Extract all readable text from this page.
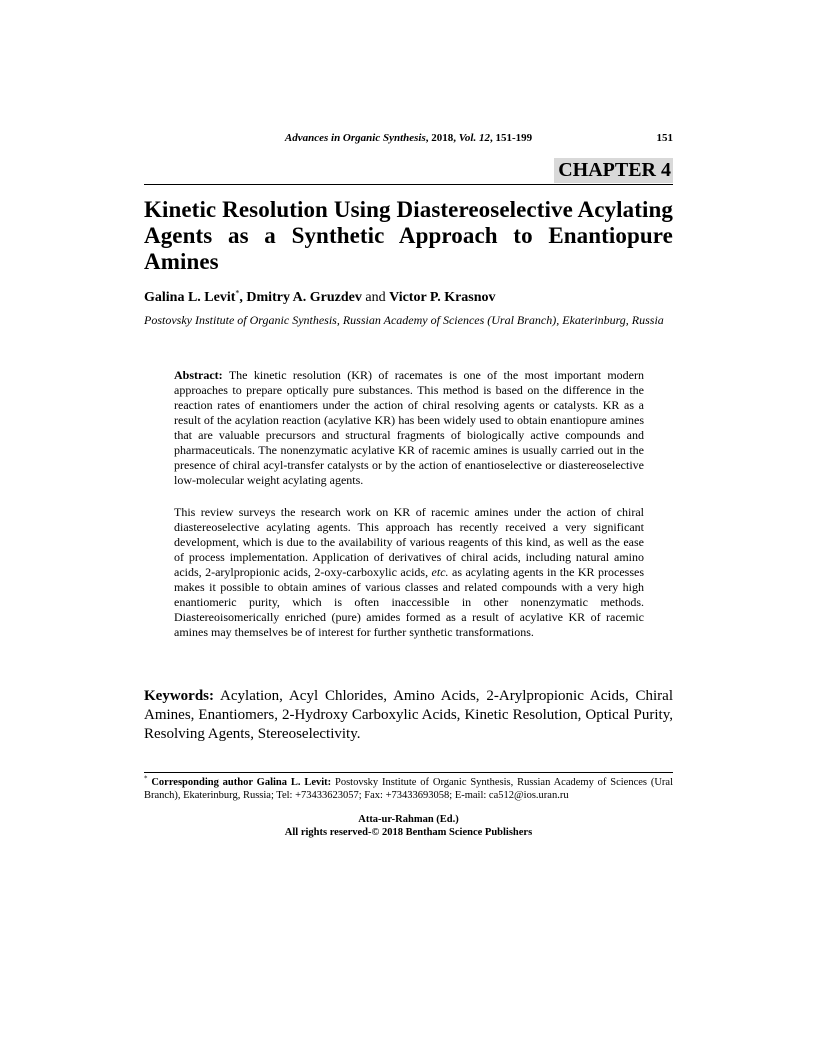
Advances in Organic Synthesis, 2018, Vol. 12, 151-199	151
CHAPTER 4
Kinetic Resolution Using Diastereoselective Acylating Agents as a Synthetic Approach to Enantiopure Amines
Galina L. Levit*, Dmitry A. Gruzdev and Victor P. Krasnov
Postovsky Institute of Organic Synthesis, Russian Academy of Sciences (Ural Branch), Ekaterinburg, Russia

Abstract: The kinetic resolution (KR) of racemates is one of the most important modern approaches to prepare optically pure substances. This method is based on the difference in the reaction rates of enantiomers under the action of chiral resolving agents or catalysts. KR as a result of the acylation reaction (acylative KR) has been widely used to obtain enantiopure amines that are valuable precursors and structural fragments of biologically active compounds and pharmaceuticals. The nonenzymatic acylative KR of racemic amines is usually carried out in the presence of chiral acyl-transfer catalysts or by the action of enantioselective or diastereoselective low-molecular weight acylating agents.

This review surveys the research work on KR of racemic amines under the action of chiral diastereoselective acylating agents. This approach has recently received a very significant development, which is due to the availability of various reagents of this kind, as well as the ease of process implementation. Application of derivatives of chiral acids, including natural amino acids, 2-arylpropionic acids, 2-oxy-carboxylic acids, etc. as acylating agents in the KR processes makes it possible to obtain amines of various classes and related compounds with a very high enantiomeric purity, which is often inaccessible in other nonenzymatic methods. Diastereoisomerically enriched (pure) amides formed as a result of acylative KR of racemic amines may themselves be of interest for further synthetic transformations.

Keywords: Acylation, Acyl Chlorides, Amino Acids, 2-Arylpropionic Acids, Chiral Amines, Enantiomers, 2-Hydroxy Carboxylic Acids, Kinetic Resolution, Optical Purity, Resolving Agents, Stereoselectivity.
* Corresponding author Galina L. Levit: Postovsky Institute of Organic Synthesis, Russian Academy of Sciences (Ural Branch), Ekaterinburg, Russia; Tel: +73433623057; Fax: +73433693058; E-mail: ca512@ios.uran.ru
Atta-ur-Rahman (Ed.)
All rights reserved-© 2018 Bentham Science Publishers
